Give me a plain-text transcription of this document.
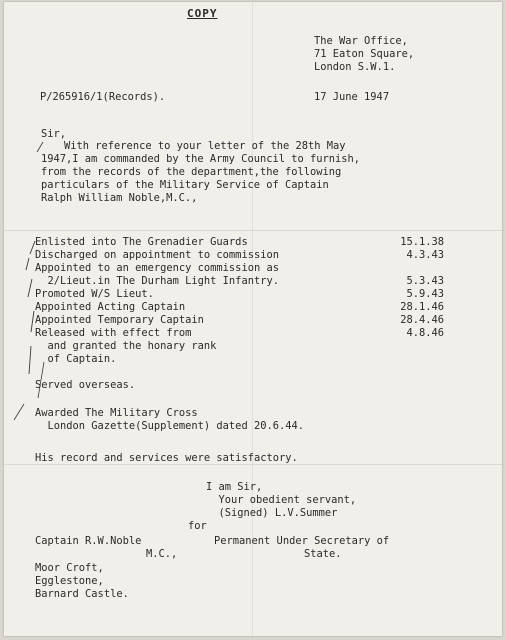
COPY
The War Office,
71 Eaton Square,
London S.W.1.
P/265916/1(Records).	17 June 1947
Sir,
With reference to your letter of the 28th May
1947,I am commanded by the Army Council to furnish,
from the records of the department,the following
particulars of the Military Service of Captain
Ralph William Noble,M.C.,
Enlisted into The Grenadier Guards	15.1.38
Discharged on appointment to commission	4.3.43
Appointed to an emergency commission as
2/Lieut.in The Durham Light Infantry.	5.3.43
Promoted W/S Lieut.	5.9.43
Appointed Acting Captain	28.1.46
Appointed Temporary Captain	28.4.46
Released with effect from	4.8.46
and granted the honary rank
of Captain.
Served overseas.
Awarded The Military Cross
London Gazette(Supplement) dated 20.6.44.
His record and services were satisfactory.
I am Sir,
Your obedient servant,
(Signed) L.V.Summer
for
Permanent Under Secretary of
State.
Captain R.W.Noble
M.C.,
Moor Croft,
Egglestone,
Barnard Castle.
